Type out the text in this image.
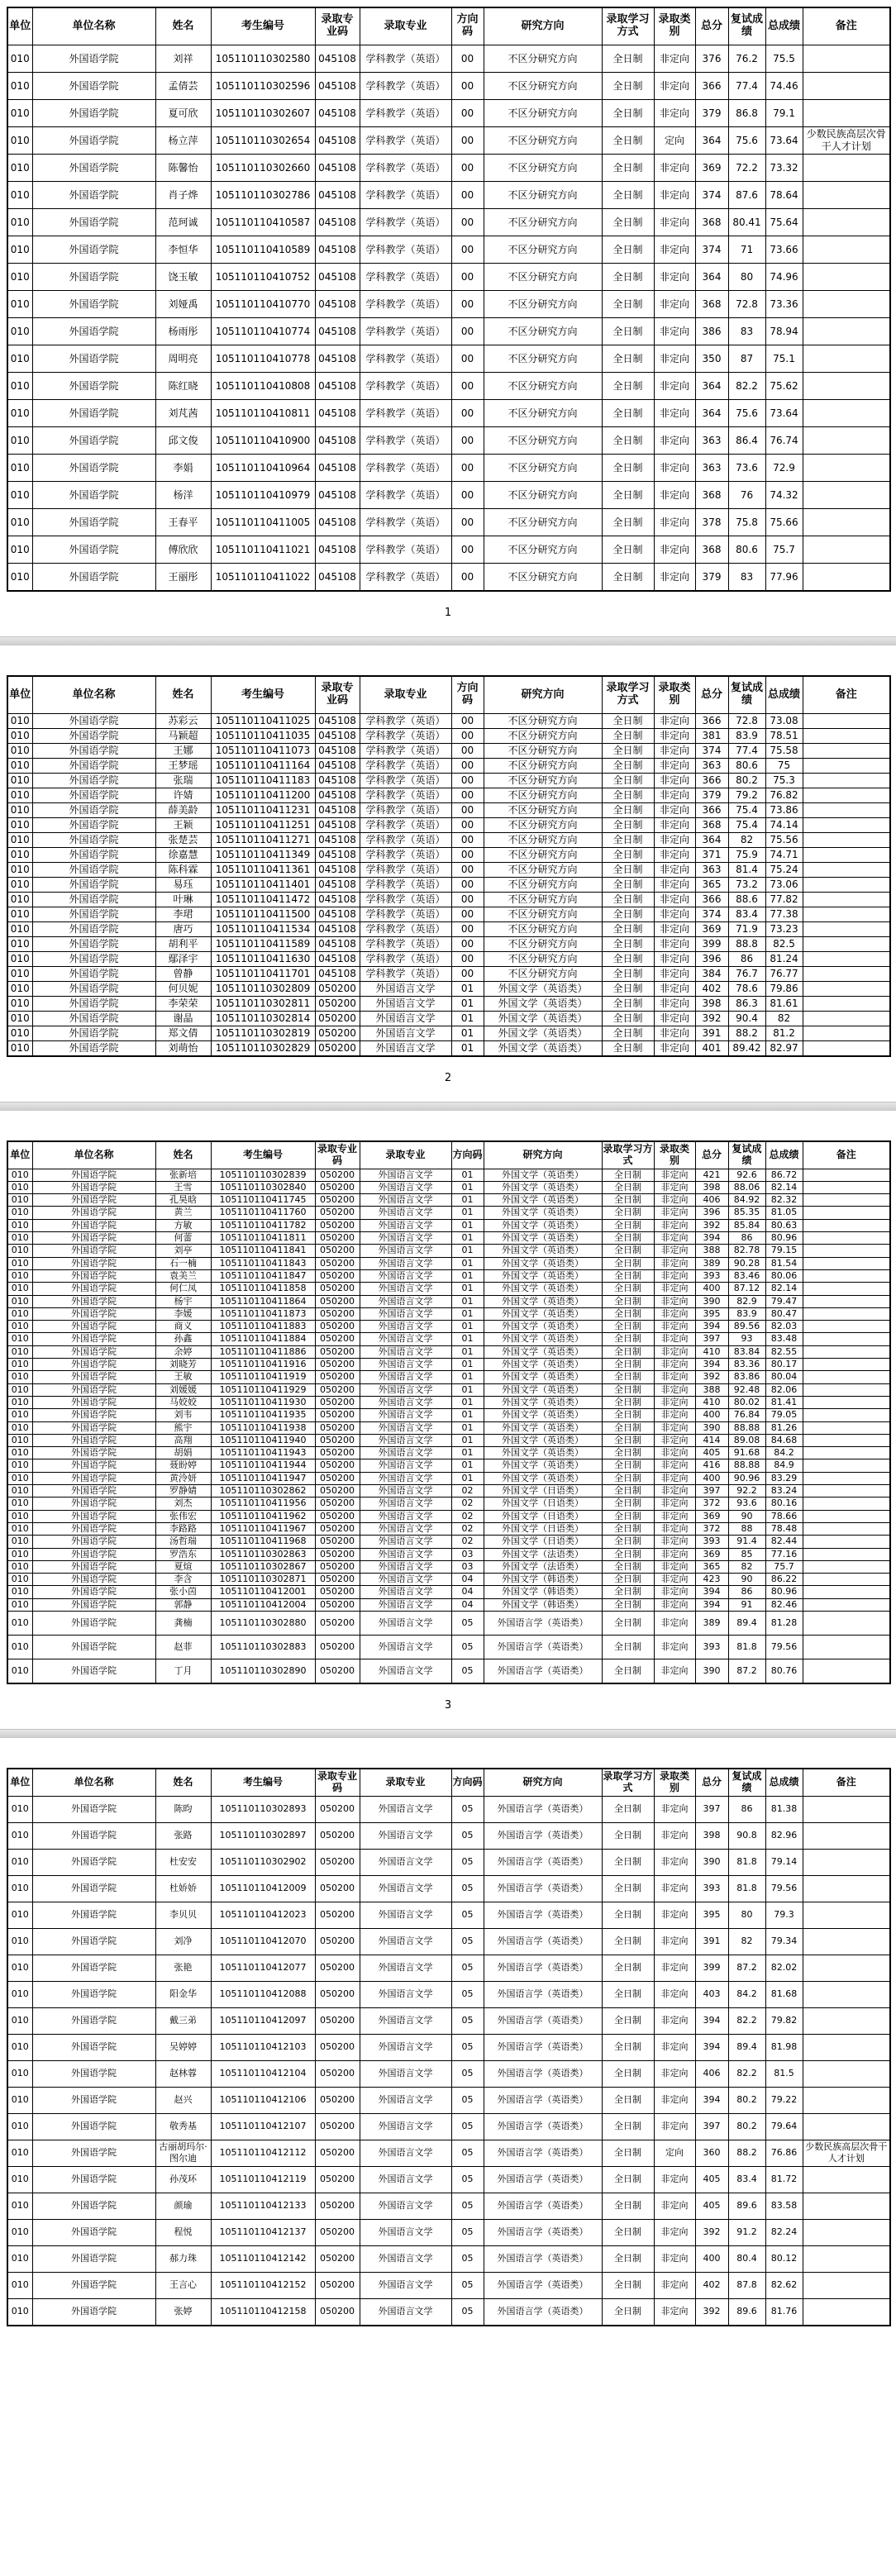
单位	单位名称	姓名	考生编号	录取专业码	录取专业	方向码	研究方向	录取学习方式	录取类别	总分	复试成绩	总成绩	备注
010	外国语学院	刘祥	105110110302580	045108	学科教学（英语）	00	不区分研究方向	全日制	非定向	376	76.2	75.5	
010	外国语学院	孟倩芸	105110110302596	045108	学科教学（英语）	00	不区分研究方向	全日制	非定向	366	77.4	74.46	
010	外国语学院	夏可欣	105110110302607	045108	学科教学（英语）	00	不区分研究方向	全日制	非定向	379	86.8	79.1	
010	外国语学院	杨立萍	105110110302654	045108	学科教学（英语）	00	不区分研究方向	全日制	定向	364	75.6	73.64	少数民族高层次骨干人才计划
010	外国语学院	陈馨怡	105110110302660	045108	学科教学（英语）	00	不区分研究方向	全日制	非定向	369	72.2	73.32	
010	外国语学院	肖子烨	105110110302786	045108	学科教学（英语）	00	不区分研究方向	全日制	非定向	374	87.6	78.64	
010	外国语学院	范珂诚	105110110410587	045108	学科教学（英语）	00	不区分研究方向	全日制	非定向	368	80.41	75.64	
010	外国语学院	李恒华	105110110410589	045108	学科教学（英语）	00	不区分研究方向	全日制	非定向	374	71	73.66	
010	外国语学院	饶玉敏	105110110410752	045108	学科教学（英语）	00	不区分研究方向	全日制	非定向	364	80	74.96	
010	外国语学院	刘娅禹	105110110410770	045108	学科教学（英语）	00	不区分研究方向	全日制	非定向	368	72.8	73.36	
010	外国语学院	杨雨彤	105110110410774	045108	学科教学（英语）	00	不区分研究方向	全日制	非定向	386	83	78.94	
010	外国语学院	周明亮	105110110410778	045108	学科教学（英语）	00	不区分研究方向	全日制	非定向	350	87	75.1	
010	外国语学院	陈红晓	105110110410808	045108	学科教学（英语）	00	不区分研究方向	全日制	非定向	364	82.2	75.62	
010	外国语学院	刘芃茜	105110110410811	045108	学科教学（英语）	00	不区分研究方向	全日制	非定向	364	75.6	73.64	
010	外国语学院	邱文俊	105110110410900	045108	学科教学（英语）	00	不区分研究方向	全日制	非定向	363	86.4	76.74	
010	外国语学院	李娟	105110110410964	045108	学科教学（英语）	00	不区分研究方向	全日制	非定向	363	73.6	72.9	
010	外国语学院	杨洋	105110110410979	045108	学科教学（英语）	00	不区分研究方向	全日制	非定向	368	76	74.32	
010	外国语学院	王春平	105110110411005	045108	学科教学（英语）	00	不区分研究方向	全日制	非定向	378	75.8	75.66	
010	外国语学院	傅欣欣	105110110411021	045108	学科教学（英语）	00	不区分研究方向	全日制	非定向	368	80.6	75.7	
010	外国语学院	王丽彤	105110110411022	045108	学科教学（英语）	00	不区分研究方向	全日制	非定向	379	83	77.96	
1
单位	单位名称	姓名	考生编号	录取专业码	录取专业	方向码	研究方向	录取学习方式	录取类别	总分	复试成绩	总成绩	备注
010	外国语学院	苏彩云	105110110411025	045108	学科教学（英语）	00	不区分研究方向	全日制	非定向	366	72.8	73.08	
010	外国语学院	马颖超	105110110411035	045108	学科教学（英语）	00	不区分研究方向	全日制	非定向	381	83.9	78.51	
010	外国语学院	王娜	105110110411073	045108	学科教学（英语）	00	不区分研究方向	全日制	非定向	374	77.4	75.58	
010	外国语学院	王梦瑶	105110110411164	045108	学科教学（英语）	00	不区分研究方向	全日制	非定向	363	80.6	75	
010	外国语学院	张瑞	105110110411183	045108	学科教学（英语）	00	不区分研究方向	全日制	非定向	366	80.2	75.3	
010	外国语学院	许婧	105110110411200	045108	学科教学（英语）	00	不区分研究方向	全日制	非定向	379	79.2	76.82	
010	外国语学院	薛美龄	105110110411231	045108	学科教学（英语）	00	不区分研究方向	全日制	非定向	366	75.4	73.86	
010	外国语学院	王颖	105110110411251	045108	学科教学（英语）	00	不区分研究方向	全日制	非定向	368	75.4	74.14	
010	外国语学院	张楚芸	105110110411271	045108	学科教学（英语）	00	不区分研究方向	全日制	非定向	364	82	75.56	
010	外国语学院	徐嘉慧	105110110411349	045108	学科教学（英语）	00	不区分研究方向	全日制	非定向	371	75.9	74.71	
010	外国语学院	陈科霖	105110110411361	045108	学科教学（英语）	00	不区分研究方向	全日制	非定向	363	81.4	75.24	
010	外国语学院	易珏	105110110411401	045108	学科教学（英语）	00	不区分研究方向	全日制	非定向	365	73.2	73.06	
010	外国语学院	叶琳	105110110411472	045108	学科教学（英语）	00	不区分研究方向	全日制	非定向	366	88.6	77.82	
010	外国语学院	李珺	105110110411500	045108	学科教学（英语）	00	不区分研究方向	全日制	非定向	374	83.4	77.38	
010	外国语学院	唐巧	105110110411534	045108	学科教学（英语）	00	不区分研究方向	全日制	非定向	369	71.9	73.23	
010	外国语学院	胡利平	105110110411589	045108	学科教学（英语）	00	不区分研究方向	全日制	非定向	399	88.8	82.5	
010	外国语学院	鄢泽宇	105110110411630	045108	学科教学（英语）	00	不区分研究方向	全日制	非定向	396	86	81.24	
010	外国语学院	曾静	105110110411701	045108	学科教学（英语）	00	不区分研究方向	全日制	非定向	384	76.7	76.77	
010	外国语学院	何贝妮	105110110302809	050200	外国语言文学	01	外国文学（英语类）	全日制	非定向	402	78.6	79.86	
010	外国语学院	李荣荣	105110110302811	050200	外国语言文学	01	外国文学（英语类）	全日制	非定向	398	86.3	81.61	
010	外国语学院	谢晶	105110110302814	050200	外国语言文学	01	外国文学（英语类）	全日制	非定向	392	90.4	82	
010	外国语学院	郑文倩	105110110302819	050200	外国语言文学	01	外国文学（英语类）	全日制	非定向	391	88.2	81.2	
010	外国语学院	刘萌怡	105110110302829	050200	外国语言文学	01	外国文学（英语类）	全日制	非定向	401	89.42	82.97	
2
单位	单位名称	姓名	考生编号	录取专业码	录取专业	方向码	研究方向	录取学习方式	录取类别	总分	复试成绩	总成绩	备注
010	外国语学院	张新培	105110110302839	050200	外国语言文学	01	外国文学（英语类）	全日制	非定向	421	92.6	86.72	
010	外国语学院	王雪	105110110302840	050200	外国语言文学	01	外国文学（英语类）	全日制	非定向	398	88.06	82.14	
010	外国语学院	孔昊晗	105110110411745	050200	外国语言文学	01	外国文学（英语类）	全日制	非定向	406	84.92	82.32	
010	外国语学院	黄兰	105110110411760	050200	外国语言文学	01	外国文学（英语类）	全日制	非定向	396	85.35	81.05	
010	外国语学院	方敏	105110110411782	050200	外国语言文学	01	外国文学（英语类）	全日制	非定向	392	85.84	80.63	
010	外国语学院	何蕾	105110110411811	050200	外国语言文学	01	外国文学（英语类）	全日制	非定向	394	86	80.96	
010	外国语学院	刘亭	105110110411841	050200	外国语言文学	01	外国文学（英语类）	全日制	非定向	388	82.78	79.15	
010	外国语学院	石一楠	105110110411843	050200	外国语言文学	01	外国文学（英语类）	全日制	非定向	389	90.28	81.54	
010	外国语学院	袁美兰	105110110411847	050200	外国语言文学	01	外国文学（英语类）	全日制	非定向	393	83.46	80.06	
010	外国语学院	何仁凤	105110110411858	050200	外国语言文学	01	外国文学（英语类）	全日制	非定向	400	87.12	82.14	
010	外国语学院	杨宇	105110110411864	050200	外国语言文学	01	外国文学（英语类）	全日制	非定向	390	82.9	79.47	
010	外国语学院	李媛	105110110411873	050200	外国语言文学	01	外国文学（英语类）	全日制	非定向	395	83.9	80.47	
010	外国语学院	商义	105110110411883	050200	外国语言文学	01	外国文学（英语类）	全日制	非定向	394	89.56	82.03	
010	外国语学院	孙鑫	105110110411884	050200	外国语言文学	01	外国文学（英语类）	全日制	非定向	397	93	83.48	
010	外国语学院	余婷	105110110411886	050200	外国语言文学	01	外国文学（英语类）	全日制	非定向	410	83.84	82.55	
010	外国语学院	刘晓芳	105110110411916	050200	外国语言文学	01	外国文学（英语类）	全日制	非定向	394	83.36	80.17	
010	外国语学院	王敏	105110110411919	050200	外国语言文学	01	外国文学（英语类）	全日制	非定向	392	83.86	80.04	
010	外国语学院	刘媛媛	105110110411929	050200	外国语言文学	01	外国文学（英语类）	全日制	非定向	388	92.48	82.06	
010	外国语学院	马姣姣	105110110411930	050200	外国语言文学	01	外国文学（英语类）	全日制	非定向	410	80.02	81.41	
010	外国语学院	刘韦	105110110411935	050200	外国语言文学	01	外国文学（英语类）	全日制	非定向	400	76.84	79.05	
010	外国语学院	熊宇	105110110411938	050200	外国语言文学	01	外国文学（英语类）	全日制	非定向	390	88.88	81.26	
010	外国语学院	高翔	105110110411940	050200	外国语言文学	01	外国文学（英语类）	全日制	非定向	414	89.08	84.68	
010	外国语学院	胡娟	105110110411943	050200	外国语言文学	01	外国文学（英语类）	全日制	非定向	405	91.68	84.2	
010	外国语学院	聂盼婷	105110110411944	050200	外国语言文学	01	外国文学（英语类）	全日制	非定向	416	88.88	84.9	
010	外国语学院	黄泠妍	105110110411947	050200	外国语言文学	01	外国文学（英语类）	全日制	非定向	400	90.96	83.29	
010	外国语学院	罗静婧	105110110302862	050200	外国语言文学	02	外国文学（日语类）	全日制	非定向	397	92.2	83.24	
010	外国语学院	刘杰	105110110411956	050200	外国语言文学	02	外国文学（日语类）	全日制	非定向	372	93.6	80.16	
010	外国语学院	张伟宏	105110110411962	050200	外国语言文学	02	外国文学（日语类）	全日制	非定向	369	90	78.66	
010	外国语学院	李路路	105110110411967	050200	外国语言文学	02	外国文学（日语类）	全日制	非定向	372	88	78.48	
010	外国语学院	汤哲瑞	105110110411968	050200	外国语言文学	02	外国文学（日语类）	全日制	非定向	393	91.4	82.44	
010	外国语学院	罗浩东	105110110302863	050200	外国语言文学	03	外国文学（法语类）	全日制	非定向	369	85	77.16	
010	外国语学院	夏煊	105110110302867	050200	外国语言文学	03	外国文学（法语类）	全日制	非定向	365	82	75.7	
010	外国语学院	李含	105110110302871	050200	外国语言文学	04	外国文学（韩语类）	全日制	非定向	423	90	86.22	
010	外国语学院	张小茵	105110110412001	050200	外国语言文学	04	外国文学（韩语类）	全日制	非定向	394	86	80.96	
010	外国语学院	郭静	105110110412004	050200	外国语言文学	04	外国文学（韩语类）	全日制	非定向	394	91	82.46	
010	外国语学院	龚楠	105110110302880	050200	外国语言文学	05	外国语言学（英语类）	全日制	非定向	389	89.4	81.28	
010	外国语学院	赵菲	105110110302883	050200	外国语言文学	05	外国语言学（英语类）	全日制	非定向	393	81.8	79.56	
010	外国语学院	丁月	105110110302890	050200	外国语言文学	05	外国语言学（英语类）	全日制	非定向	390	87.2	80.76	
3
单位	单位名称	姓名	考生编号	录取专业码	录取专业	方向码	研究方向	录取学习方式	录取类别	总分	复试成绩	总成绩	备注
010	外国语学院	陈昀	105110110302893	050200	外国语言文学	05	外国语言学（英语类）	全日制	非定向	397	86	81.38	
010	外国语学院	张路	105110110302897	050200	外国语言文学	05	外国语言学（英语类）	全日制	非定向	398	90.8	82.96	
010	外国语学院	杜安安	105110110302902	050200	外国语言文学	05	外国语言学（英语类）	全日制	非定向	390	81.8	79.14	
010	外国语学院	杜娇娇	105110110412009	050200	外国语言文学	05	外国语言学（英语类）	全日制	非定向	393	81.8	79.56	
010	外国语学院	李贝贝	105110110412023	050200	外国语言文学	05	外国语言学（英语类）	全日制	非定向	395	80	79.3	
010	外国语学院	刘净	105110110412070	050200	外国语言文学	05	外国语言学（英语类）	全日制	非定向	391	82	79.34	
010	外国语学院	张艳	105110110412077	050200	外国语言文学	05	外国语言学（英语类）	全日制	非定向	399	87.2	82.02	
010	外国语学院	阳金华	105110110412088	050200	外国语言文学	05	外国语言学（英语类）	全日制	非定向	403	84.2	81.68	
010	外国语学院	戴三弟	105110110412097	050200	外国语言文学	05	外国语言学（英语类）	全日制	非定向	394	82.2	79.82	
010	外国语学院	吴婷婷	105110110412103	050200	外国语言文学	05	外国语言学（英语类）	全日制	非定向	394	89.4	81.98	
010	外国语学院	赵林蓉	105110110412104	050200	外国语言文学	05	外国语言学（英语类）	全日制	非定向	406	82.2	81.5	
010	外国语学院	赵兴	105110110412106	050200	外国语言文学	05	外国语言学（英语类）	全日制	非定向	394	80.2	79.22	
010	外国语学院	敬秀基	105110110412107	050200	外国语言文学	05	外国语言学（英语类）	全日制	非定向	397	80.2	79.64	
010	外国语学院	古丽胡玛尔·图尔迪	105110110412112	050200	外国语言文学	05	外国语言学（英语类）	全日制	定向	360	88.2	76.86	少数民族高层次骨干人才计划
010	外国语学院	孙茂环	105110110412119	050200	外国语言文学	05	外国语言学（英语类）	全日制	非定向	405	83.4	81.72	
010	外国语学院	颜瑜	105110110412133	050200	外国语言文学	05	外国语言学（英语类）	全日制	非定向	405	89.6	83.58	
010	外国语学院	程悦	105110110412137	050200	外国语言文学	05	外国语言学（英语类）	全日制	非定向	392	91.2	82.24	
010	外国语学院	郝力珠	105110110412142	050200	外国语言文学	05	外国语言学（英语类）	全日制	非定向	400	80.4	80.12	
010	外国语学院	王言心	105110110412152	050200	外国语言文学	05	外国语言学（英语类）	全日制	非定向	402	87.8	82.62	
010	外国语学院	张婷	105110110412158	050200	外国语言文学	05	外国语言学（英语类）	全日制	非定向	392	89.6	81.76	
